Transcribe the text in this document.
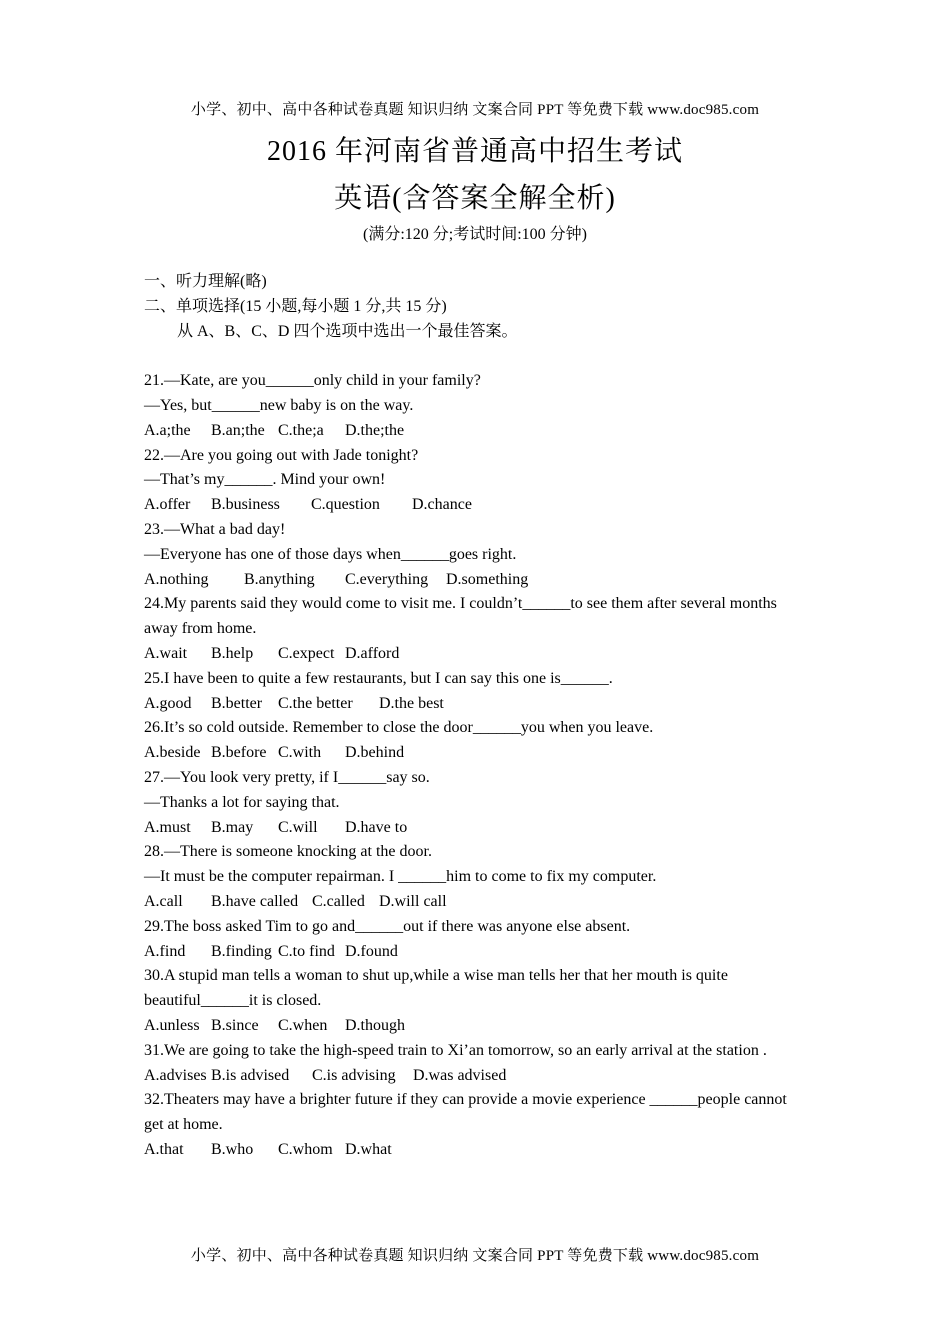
小学、初中、高中各种试卷真题 知识归纳 文案合同 PPT 等免费下载 www.doc985.com
2016 年河南省普通高中招生考试
英语(含答案全解全析)
(满分:120 分;考试时间:100 分钟)
一、听力理解(略)
二、单项选择(15 小题,每小题 1 分,共 15 分)
从 A、B、C、D 四个选项中选出一个最佳答案。
21.—Kate, are you______only child in your family?
—Yes, but______new baby is on the way.
A.a;the B.an;the C.the;a D.the;the
22.—Are you going out with Jade tonight?
—That’s my______. Mind your own!
A.offer B.business C.question D.chance
23.—What a bad day!
—Everyone has one of those days when______goes right.
A.nothing B.anything C.everything D.something
24.My parents said they would come to visit me. I couldn’t______to see them after several months away from home.
A.wait B.help C.expect D.afford
25.I have been to quite a few restaurants, but I can say this one is______.
A.good B.better C.the better D.the best
26.It’s so cold outside. Remember to close the door______you when you leave.
A.beside B.before C.with D.behind
27.—You look very pretty, if I______say so.
—Thanks a lot for saying that.
A.must B.may C.will D.have to
28.—There is someone knocking at the door.
—It must be the computer repairman. I ______him to come to fix my computer.
A.call B.have called C.called D.will call
29.The boss asked Tim to go and______out if there was anyone else absent.
A.find B.finding C.to find D.found
30.A stupid man tells a woman to shut up,while a wise man tells her that her mouth is quite beautiful______it is closed.
A.unless B.since C.when D.though
31.We are going to take the high-speed train to Xi’an tomorrow, so an early arrival at the station .
A.advises B.is advised C.is advising D.was advised
32.Theaters may have a brighter future if they can provide a movie experience ______people cannot get at home.
A.that B.who C.whom D.what
小学、初中、高中各种试卷真题 知识归纳 文案合同 PPT 等免费下载 www.doc985.com
